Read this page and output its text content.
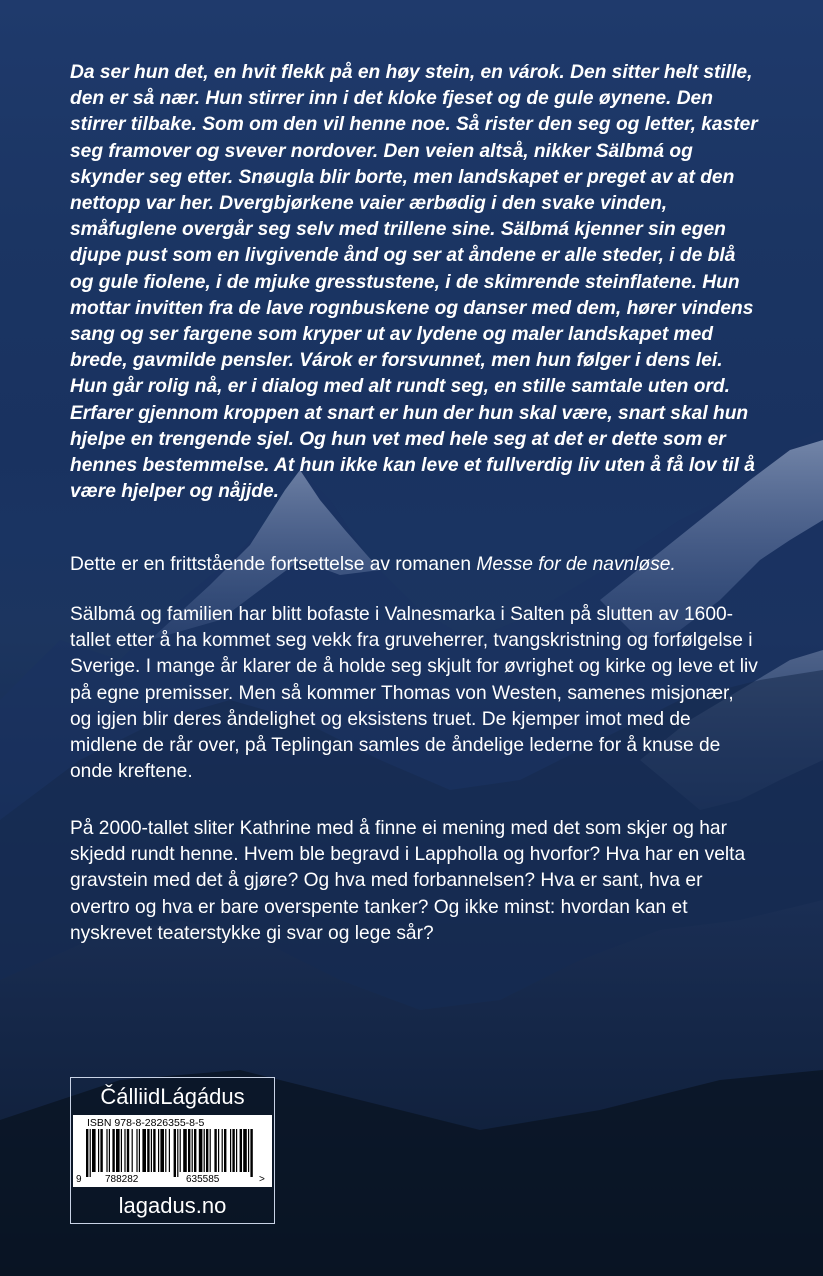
Da ser hun det, en hvit flekk på en høy stein, en várok. Den sitter helt stille, den er så nær. Hun stirrer inn i det kloke fjeset og de gule øynene. Den stirrer tilbake. Som om den vil henne noe. Så rister den seg og letter, kaster seg framover og svever nordover. Den veien altså, nikker Sälbmá og skynder seg etter. Snøugla blir borte, men landskapet er preget av at den nettopp var her. Dvergbjørkene vaier ærbødig i den svake vinden, småfuglene overgår seg selv med trillene sine. Sälbmá kjenner sin egen djupe pust som en livgivende ånd og ser at åndene er alle steder, i de blå og gule fiolene, i de mjuke gresstustene, i de skimrende steinflatene. Hun mottar invitten fra de lave rognbuskene og danser med dem, hører vindens sang og ser fargene som kryper ut av lydene og maler landskapet med brede, gavmilde pensler. Várok er forsvunnet, men hun følger i dens lei. Hun går rolig nå, er i dialog med alt rundt seg, en stille samtale uten ord. Erfarer gjennom kroppen at snart er hun der hun skal være, snart skal hun hjelpe en trengende sjel. Og hun vet med hele seg at det er dette som er hennes bestemmelse. At hun ikke kan leve et fullverdig liv uten å få lov til å være hjelper og nåjjde.

Dette er en frittstående fortsettelse av romanen Messe for de navnløse.

Sälbmá og familien har blitt bofaste i Valnesmarka i Salten på slutten av 1600-tallet etter å ha kommet seg vekk fra gruveherrer, tvangskristning og forfølgelse i Sverige. I mange år klarer de å holde seg skjult for øvrighet og kirke og leve et liv på egne premisser. Men så kommer Thomas von Westen, samenes misjonær, og igjen blir deres åndelighet og eksistens truet. De kjemper imot med de midlene de rår over, på Teplingan samles de åndelige lederne for å knuse de onde kreftene.

På 2000-tallet sliter Kathrine med å finne ei mening med det som skjer og har skjedd rundt henne. Hvem ble begravd i Lappholla og hvorfor? Hva har en velta gravstein med det å gjøre? Og hva med forbannelsen? Hva er sant, hva er overtro og hva er bare overspente tanker? Og ikke minst: hvordan kan et nyskrevet teaterstykke gi svar og lege sår?

ČálliidLágádus
ISBN 978-8-2826355-8-5
9	788282	635585	>
lagadus.no
